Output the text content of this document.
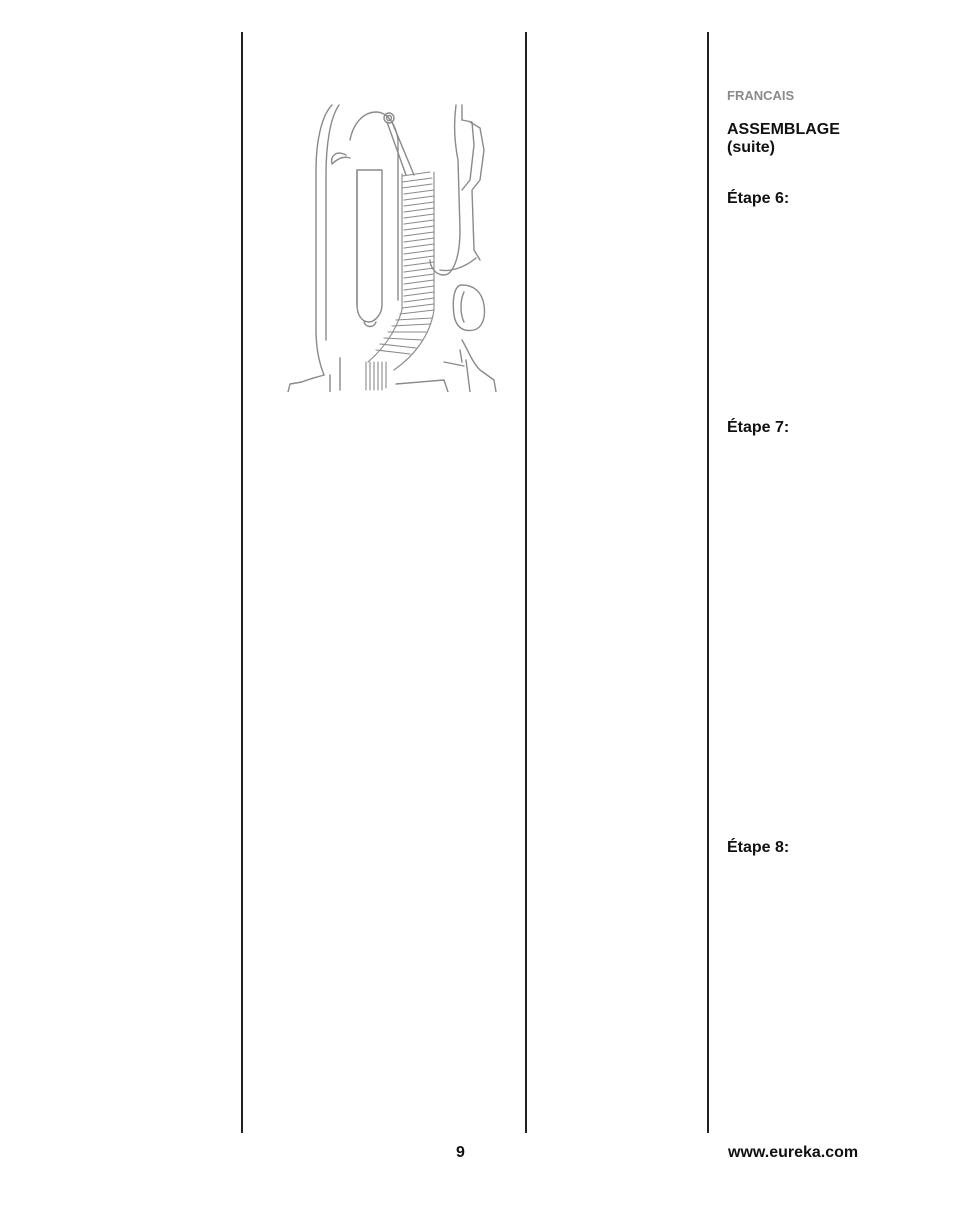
FRANCAIS

ASSEMBLAGE
(suite)

Étape 6:

Étape 7:

Étape 8:

9	www.eureka.com
